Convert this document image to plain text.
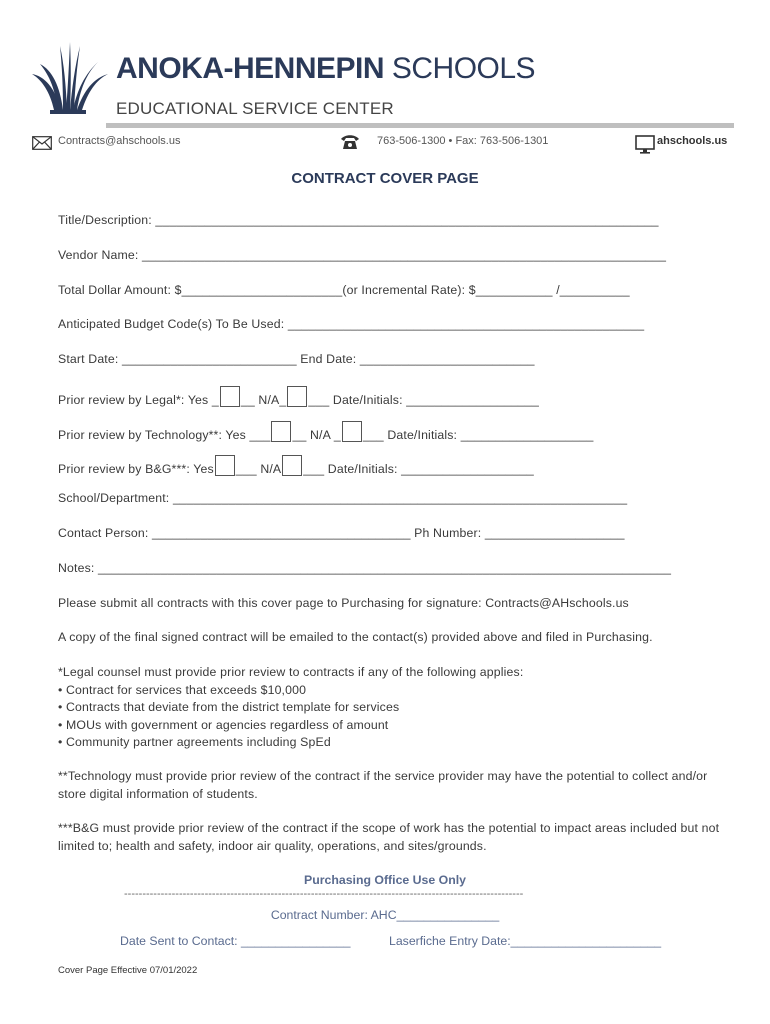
ANOKA-HENNEPIN SCHOOLS
EDUCATIONAL SERVICE CENTER
Contracts@ahschools.us	763-506-1300 • Fax: 763-506-1301	ahschools.us
CONTRACT COVER PAGE
Title/Description: ________________________________________________________________________
Vendor Name: ___________________________________________________________________________
Total Dollar Amount: $_______________________(or Incremental Rate): $___________ /__________
Anticipated Budget Code(s) To Be Used: ___________________________________________________
Start Date: _________________________ End Date: _________________________
Prior review by Legal*: Yes _ __ N/A_ ___ Date/Initials: ___________________
Prior review by Technology**: Yes ___ __ N/A _ ___ Date/Initials: ___________________
Prior review by B&G***: Yes ___ N/A ___ Date/Initials: ___________________
School/Department: _________________________________________________________________
Contact Person: _____________________________________ Ph Number: ____________________
Notes: __________________________________________________________________________________
Please submit all contracts with this cover page to Purchasing for signature: Contracts@AHschools.us
A copy of the final signed contract will be emailed to the contact(s) provided above and filed in Purchasing.
*Legal counsel must provide prior review to contracts if any of the following applies:
• Contract for services that exceeds $10,000
• Contracts that deviate from the district template for services
• MOUs with government or agencies regardless of amount
• Community partner agreements including SpEd
**Technology must provide prior review of the contract if the service provider may have the potential to collect and/or store digital information of students.
***B&G must provide prior review of the contract if the scope of work has the potential to impact areas included but not limited to; health and safety, indoor air quality, operations, and sites/grounds.
Purchasing Office Use Only
-------------------------------------------------------------------------------------------------------------
Contract Number: AHC_______________
Date Sent to Contact: ________________	Laserfiche Entry Date:______________________
Cover Page Effective 07/01/2022
